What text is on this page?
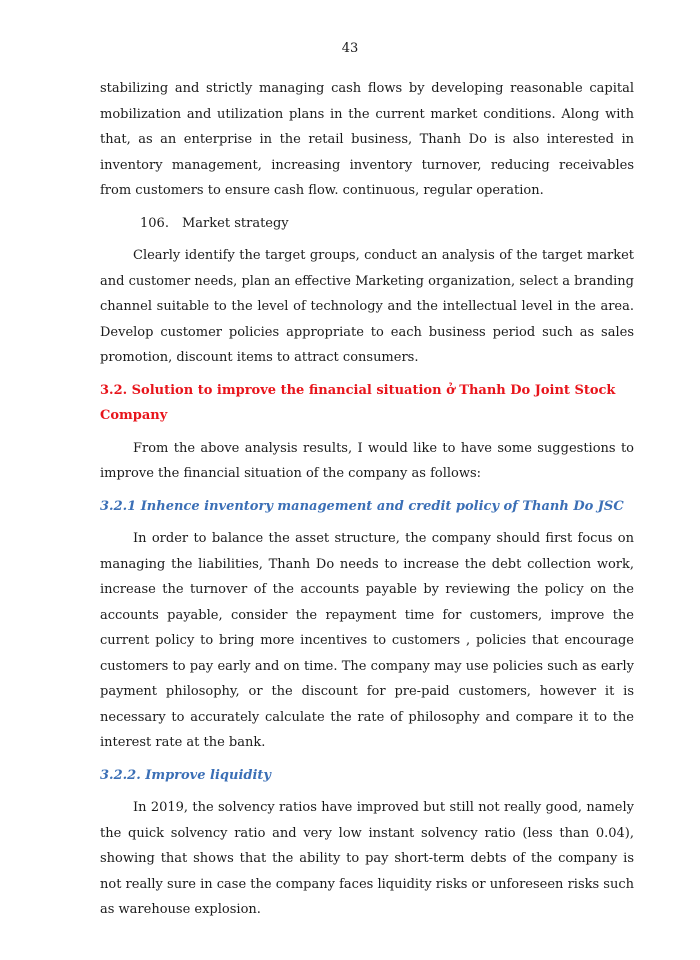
43

stabilizing and strictly managing cash flows by developing reasonable capital mobilization and utilization plans in the current market conditions. Along with that, as an enterprise in the retail business, Thanh Do is also interested in inventory management, increasing inventory turnover, reducing receivables from customers to ensure cash flow. continuous, regular operation.

106. Market strategy

Clearly identify the target groups, conduct an analysis of the target market and customer needs, plan an effective Marketing organization, select a branding channel suitable to the level of technology and the intellectual level in the area. Develop customer policies appropriate to each business period such as sales promotion, discount items to attract consumers.

3.2. Solution to improve the financial situation ở Thanh Do Joint Stock Company

From the above analysis results, I would like to have some suggestions to improve the financial situation of the company as follows:

3.2.1 Inhence inventory management and credit policy of Thanh Do JSC

In order to balance the asset structure, the company should first focus on managing the liabilities, Thanh Do needs to increase the debt collection work, increase the turnover of the accounts payable by reviewing the policy on the accounts payable, consider the repayment time for customers, improve the current policy to bring more incentives to customers , policies that encourage customers to pay early and on time. The company may use policies such as early payment philosophy, or the discount for pre-paid customers, however it is necessary to accurately calculate the rate of philosophy and compare it to the interest rate at the bank.

3.2.2. Improve liquidity

In 2019, the solvency ratios have improved but still not really good, namely the quick solvency ratio and very low instant solvency ratio (less than 0.04), showing that shows that the ability to pay short-term debts of the company is not really sure in case the company faces liquidity risks or unforeseen risks such as warehouse explosion.
